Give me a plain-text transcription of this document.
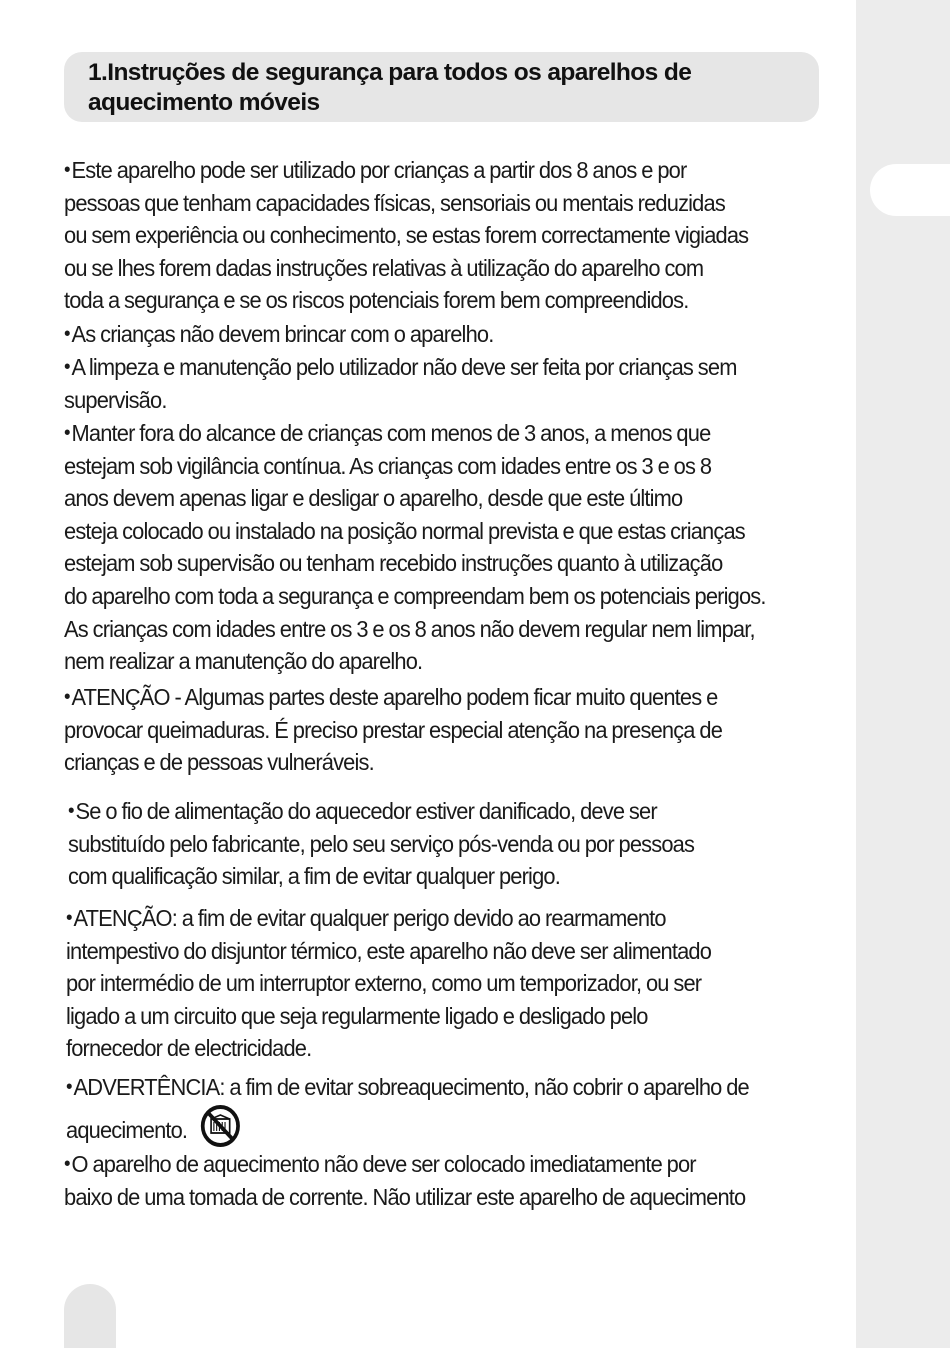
1.Instruções de segurança para todos os aparelhos de
aquecimento móveis

•Este aparelho pode ser utilizado por crianças a partir dos 8 anos e por
pessoas que tenham capacidades físicas, sensoriais ou mentais reduzidas
ou sem experiência ou conhecimento, se estas forem correctamente vigiadas
ou se lhes forem dadas instruções relativas à utilização do aparelho com
toda a segurança e se os riscos potenciais forem bem compreendidos.

•As crianças não devem brincar com o aparelho.

•A limpeza e manutenção pelo utilizador não deve ser feita por crianças sem
supervisão.

•Manter fora do alcance de crianças com menos de 3 anos, a menos que
estejam sob vigilância contínua. As crianças com idades entre os 3 e os 8
anos devem apenas ligar e desligar o aparelho, desde que este último
esteja colocado ou instalado na posição normal prevista e que estas crianças
estejam sob supervisão ou tenham recebido instruções quanto à utilização
do aparelho com toda a segurança e compreendam bem os potenciais perigos.
As crianças com idades entre os 3 e os 8 anos não devem regular nem limpar,
nem realizar a manutenção do aparelho.

•ATENÇÃO - Algumas partes deste aparelho podem ficar muito quentes e
provocar queimaduras. É preciso prestar especial atenção na presença de
crianças e de pessoas vulneráveis.

•Se o fio de alimentação do aquecedor estiver danificado, deve ser
substituído pelo fabricante, pelo seu serviço pós-venda ou por pessoas
com qualificação similar, a fim de evitar qualquer perigo.

•ATENÇÃO: a fim de evitar qualquer perigo devido ao rearmamento
intempestivo do disjuntor térmico, este aparelho não deve ser alimentado
por intermédio de um interruptor externo, como um temporizador, ou ser
ligado a um circuito que seja regularmente ligado e desligado pelo
fornecedor de electricidade.

•ADVERTÊNCIA: a fim de evitar sobreaquecimento, não cobrir o aparelho de
aquecimento.

•O aparelho de aquecimento não deve ser colocado imediatamente por
baixo de uma tomada de corrente. Não utilizar este aparelho de aquecimento
